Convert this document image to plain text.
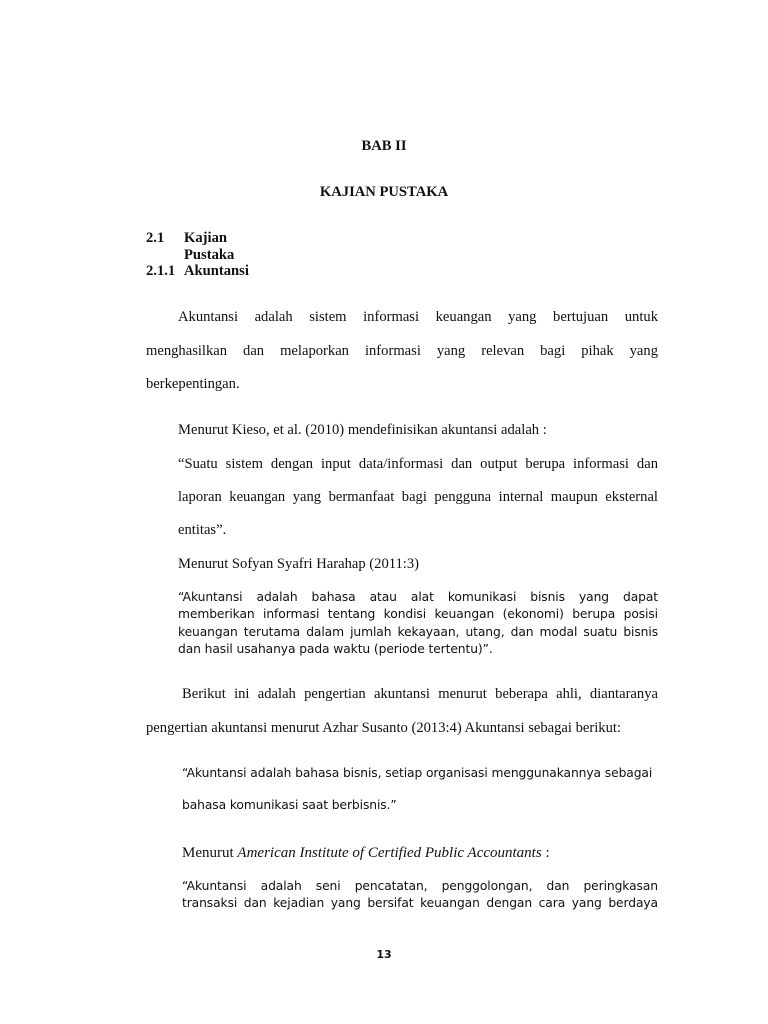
BAB II
KAJIAN PUSTAKA
2.1 Kajian Pustaka
2.1.1 Akuntansi
Akuntansi adalah sistem informasi keuangan yang bertujuan untuk
menghasilkan dan melaporkan informasi yang relevan bagi pihak yang
berkepentingan.
Menurut Kieso, et al. (2010) mendefinisikan akuntansi adalah :
“Suatu sistem dengan input data/informasi dan output berupa informasi dan
laporan keuangan yang bermanfaat bagi pengguna internal maupun eksternal
entitas”.
Menurut Sofyan Syafri Harahap (2011:3)
“Akuntansi adalah bahasa atau alat komunikasi bisnis yang dapat
memberikan informasi tentang kondisi keuangan (ekonomi) berupa posisi
keuangan terutama dalam jumlah kekayaan, utang, dan modal suatu bisnis
dan hasil usahanya pada waktu (periode tertentu)”.
Berikut ini adalah pengertian akuntansi menurut beberapa ahli, diantaranya
pengertian akuntansi menurut Azhar Susanto (2013:4) Akuntansi sebagai berikut:
“Akuntansi adalah bahasa bisnis, setiap organisasi menggunakannya sebagai
bahasa komunikasi saat berbisnis.”
Menurut American Institute of Certified Public Accountants :
“Akuntansi adalah seni pencatatan, penggolongan, dan peringkasan
transaksi dan kejadian yang bersifat keuangan dengan cara yang berdaya
13
